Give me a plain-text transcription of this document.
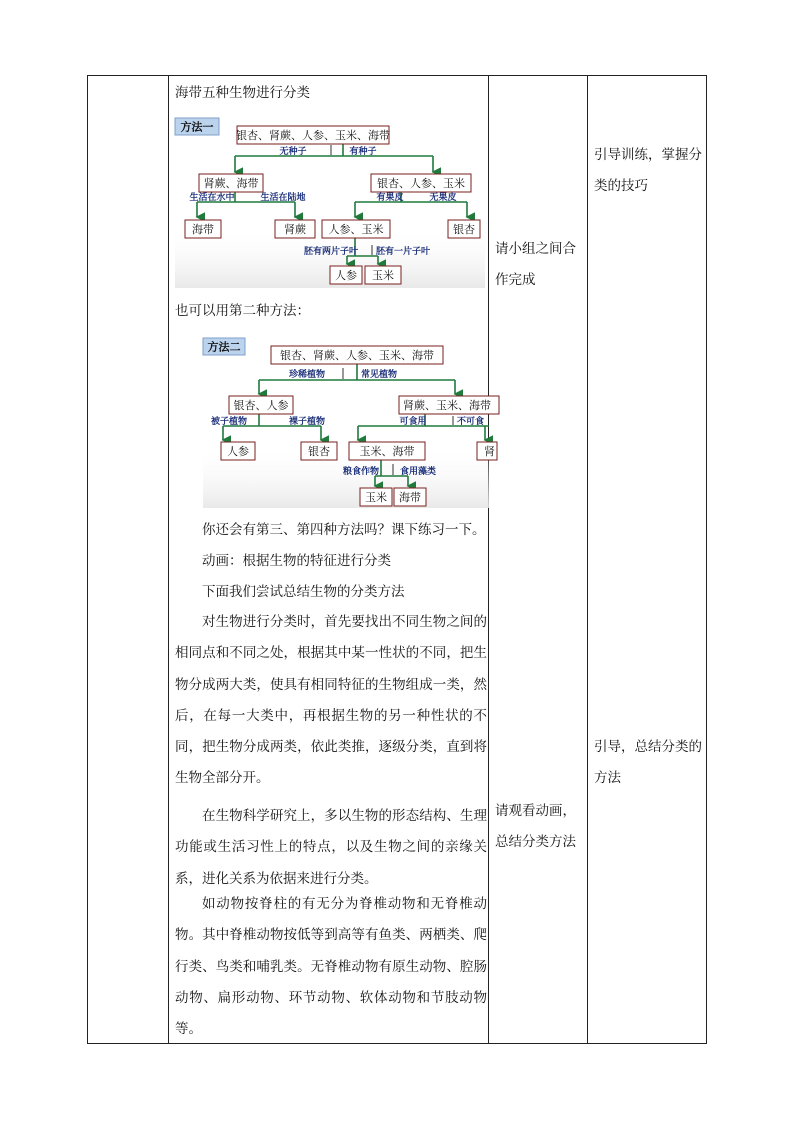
海带五种生物进行分类
方法一
银杏、肾蕨、人参、玉米、海带
肾蕨、海带	银杏、人参、玉米
海带	肾蕨 人参、玉米	银杏
人参 玉米
无种子	有种子
生活在水中	生活在陆地	有果皮	无果皮
胚有两片子叶 胚有一片子叶
也可以用第二种方法：
方法二
银杏、肾蕨、人参、玉米、海带
银杏、人参	肾蕨、玉米、海带
人参	银杏	玉米、海带	肾
玉米 海带
珍稀植物	常见植物
被子植物	裸子植物	可食用	不可食
粮食作物 食用藻类
你还会有第三、第四种方法吗？课下练习一下。
动画：根据生物的特征进行分类
下面我们尝试总结生物的分类方法
对生物进行分类时，首先要找出不同生物之间的相同点和不同之处，根据其中某一性状的不同，把生物分成两大类，使具有相同特征的生物组成一类，然后，在每一大类中，再根据生物的另一种性状的不同，把生物分成两类，依此类推，逐级分类，直到将生物全部分开。
在生物科学研究上，多以生物的形态结构、生理功能或生活习性上的特点，以及生物之间的亲缘关系，进化关系为依据来进行分类。
如动物按脊柱的有无分为脊椎动物和无脊椎动物。其中脊椎动物按低等到高等有鱼类、两栖类、爬行类、鸟类和哺乳类。无脊椎动物有原生动物、腔肠动物、扁形动物、环节动物、软体动物和节肢动物等。
请小组之间合作完成
请观看动画，总结分类方法
引导训练，掌握分类的技巧
引导，总结分类的方法
